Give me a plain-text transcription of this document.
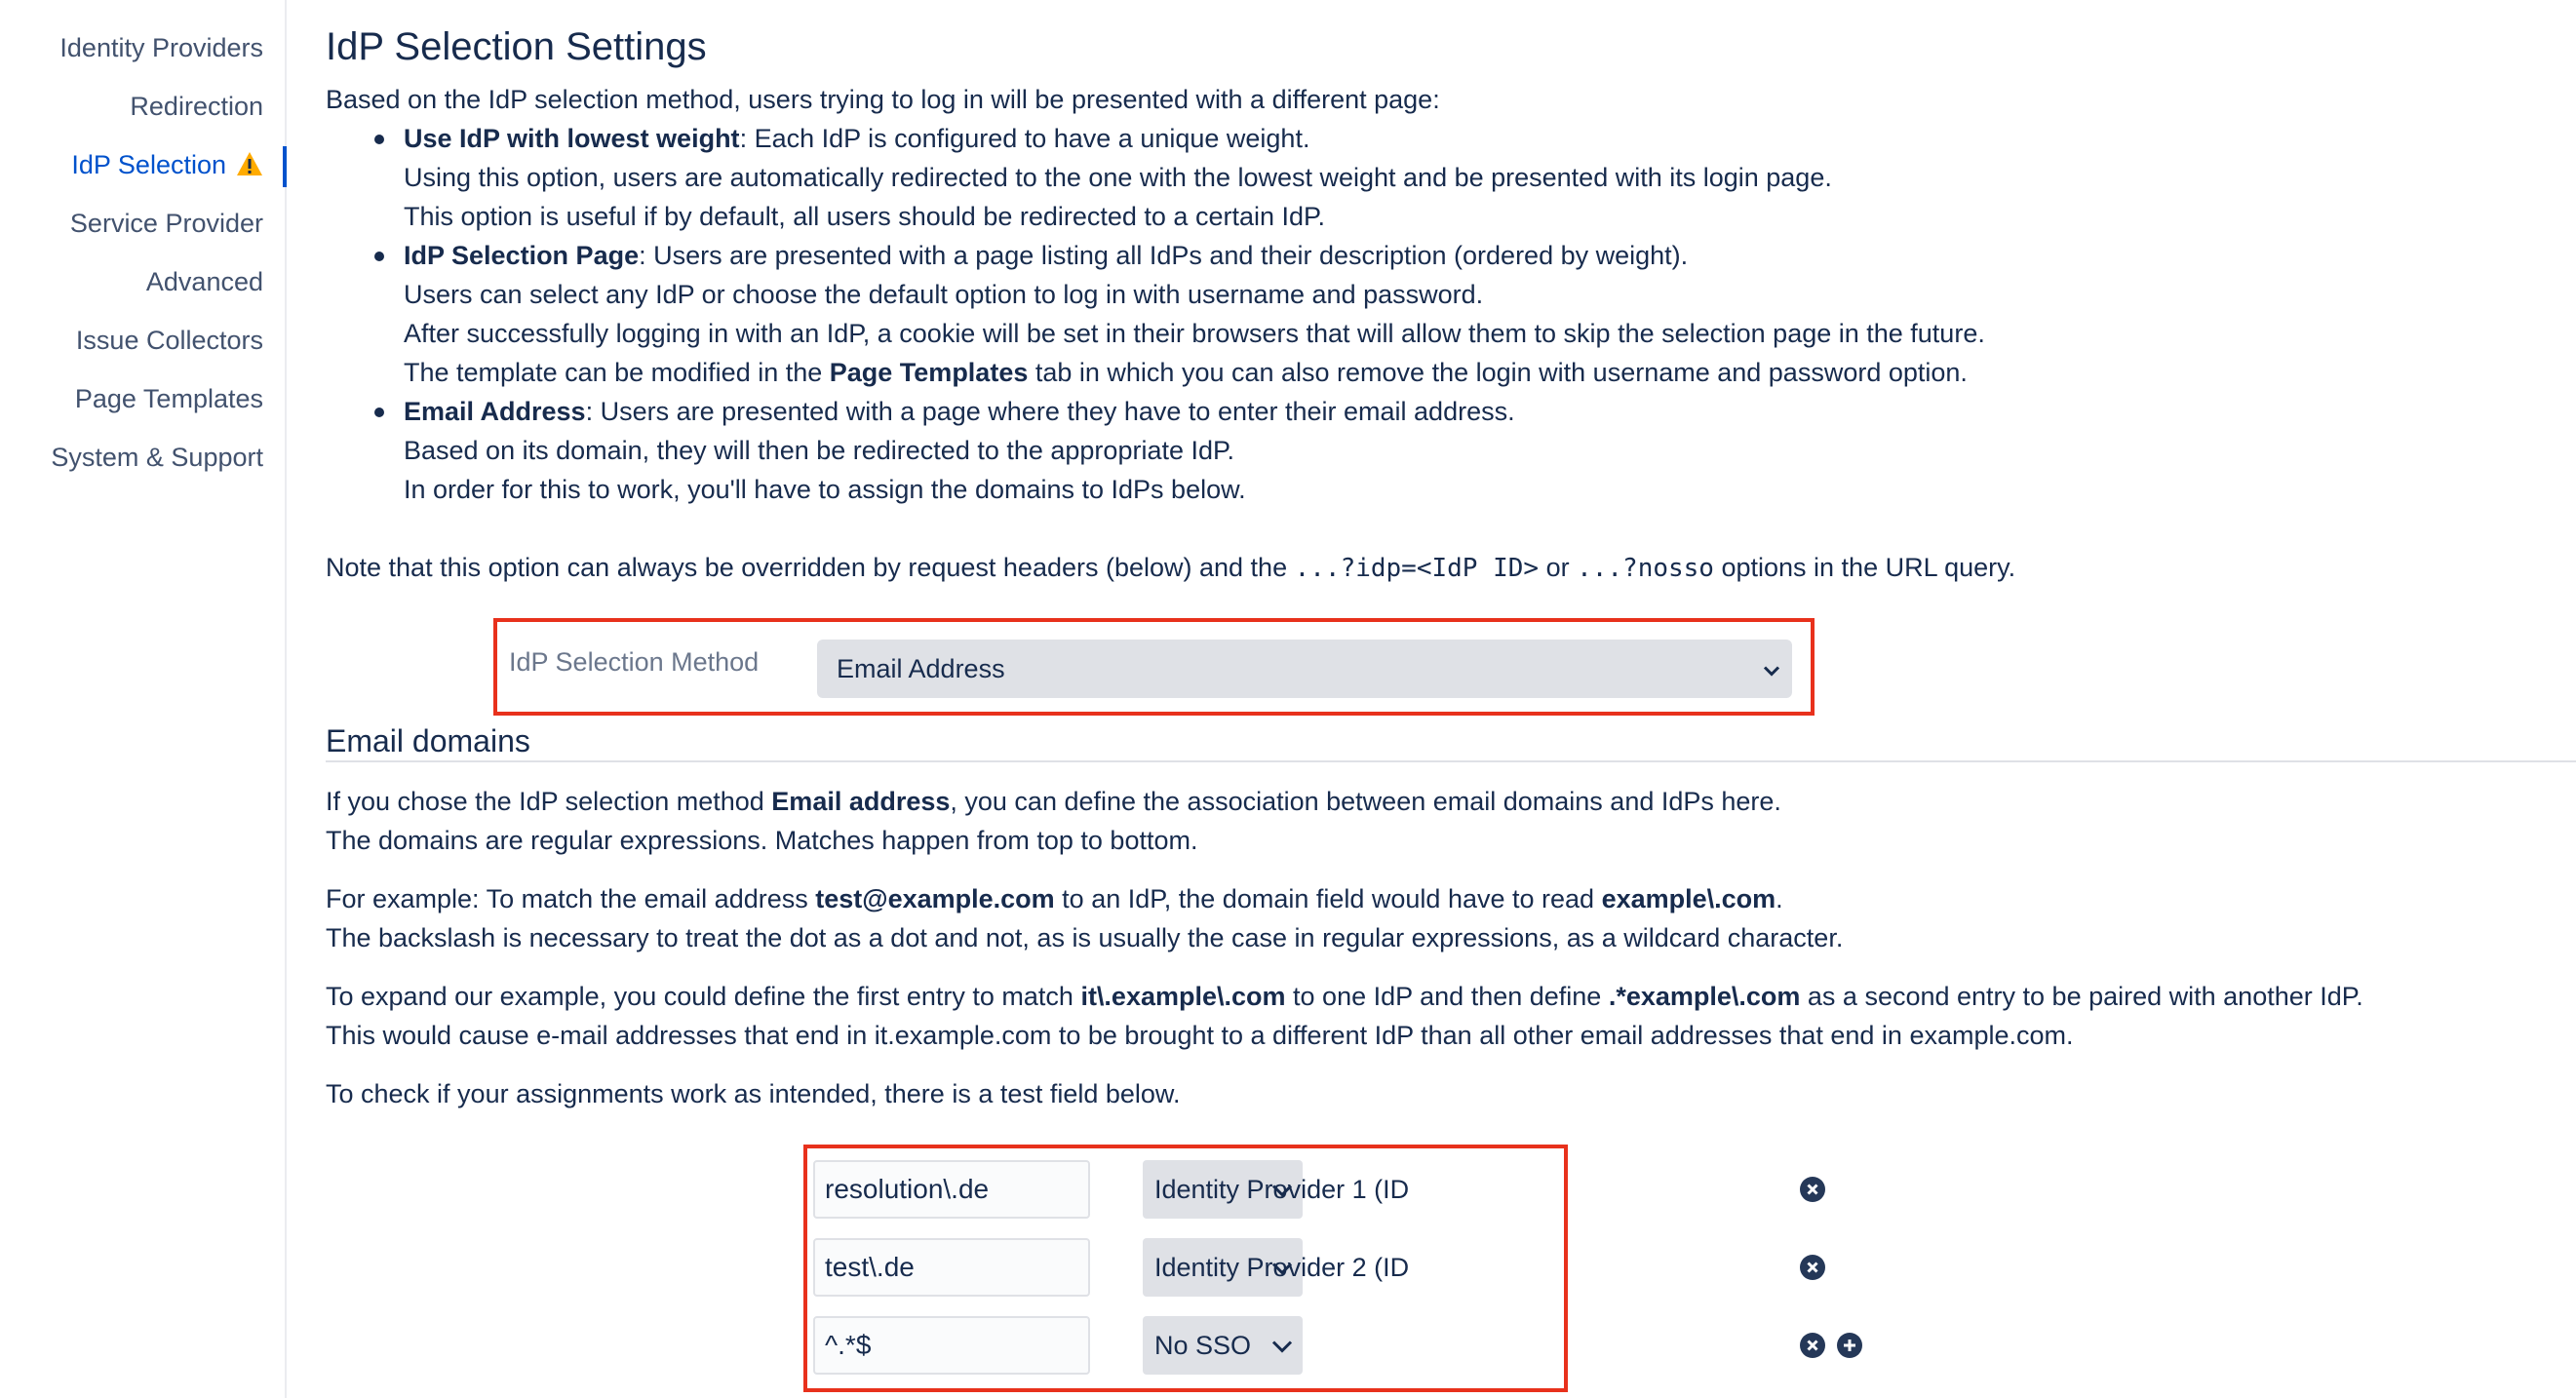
Identity Providers
Redirection
IdP Selection
Service Provider
Advanced
Issue Collectors
Page Templates
System & Support
IdP Selection Settings
Based on the IdP selection method, users trying to log in will be presented with a different page:
Use IdP with lowest weight: Each IdP is configured to have a unique weight.
Using this option, users are automatically redirected to the one with the lowest weight and be presented with its login page.
This option is useful if by default, all users should be redirected to a certain IdP.
IdP Selection Page: Users are presented with a page listing all IdPs and their description (ordered by weight).
Users can select any IdP or choose the default option to log in with username and password.
After successfully logging in with an IdP, a cookie will be set in their browsers that will allow them to skip the selection page in the future.
The template can be modified in the Page Templates tab in which you can also remove the login with username and password option.
Email Address: Users are presented with a page where they have to enter their email address.
Based on its domain, they will then be redirected to the appropriate IdP.
In order for this to work, you'll have to assign the domains to IdPs below.
Note that this option can always be overridden by request headers (below) and the ...?idp=<IdP ID> or ...?nosso options in the URL query.
IdP Selection Method	Email Address
Email domains
If you chose the IdP selection method Email address, you can define the association between email domains and IdPs here.
The domains are regular expressions. Matches happen from top to bottom.
For example: To match the email address test@example.com to an IdP, the domain field would have to read example\.com.
The backslash is necessary to treat the dot as a dot and not, as is usually the case in regular expressions, as a wildcard character.
To expand our example, you could define the first entry to match it\.example\.com to one IdP and then define .*example\.com as a second entry to be paired with another IdP.
This would cause e-mail addresses that end in it.example.com to be brought to a different IdP than all other email addresses that end in example.com.
To check if your assignments work as intended, there is a test field below.
resolution\.de
Identity Provider 1 (ID
test\.de
Identity Provider 2 (ID
^.*$
No SSO
